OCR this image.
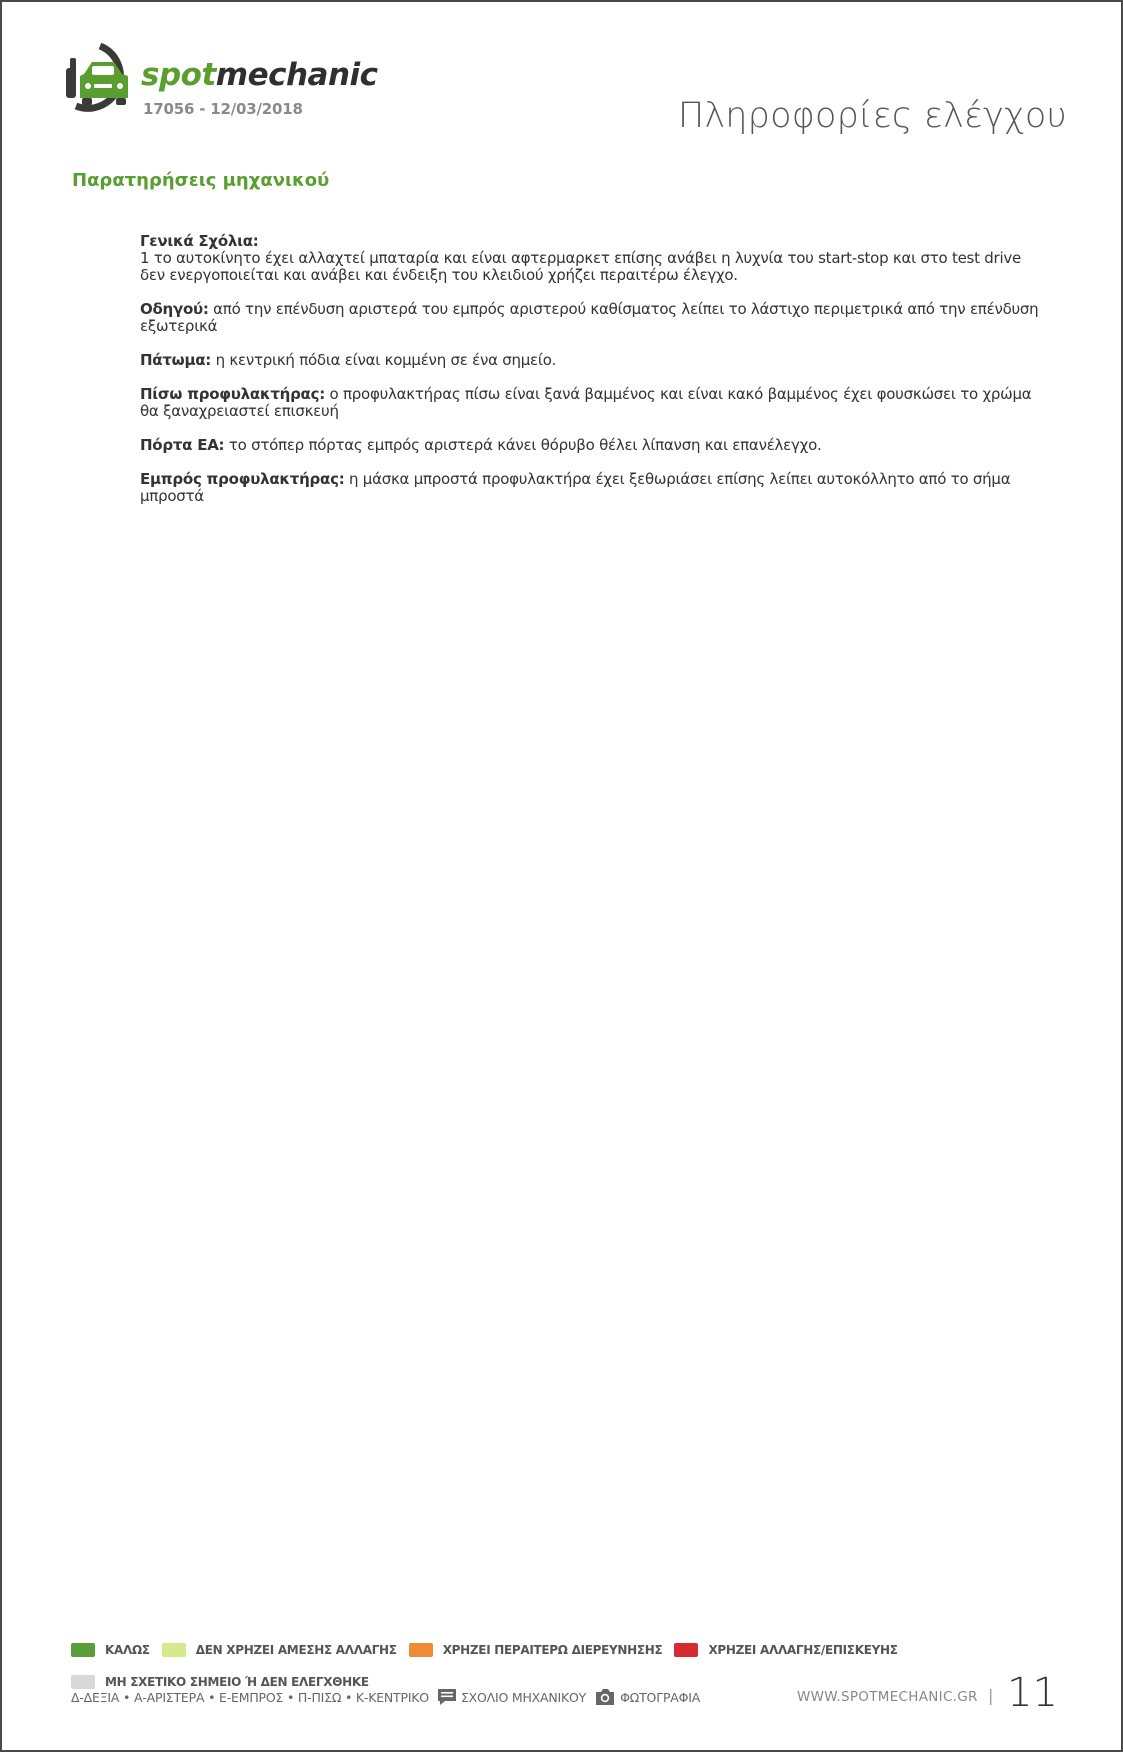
spotmechanic
17056 - 12/03/2018	Πληροφορίες ελέγχου
Παρατηρήσεις μηχανικού
Γενικά Σχόλια:
1 το αυτοκίνητο έχει αλλαχτεί μπαταρία και είναι αφτερμαρκετ επίσης ανάβει η λυχνία του start-stop και στο test drive δεν ενεργοποιείται και ανάβει και ένδειξη του κλειδιού χρήζει περαιτέρω έλεγχο.
Οδηγού: από την επένδυση αριστερά του εμπρός αριστερού καθίσματος λείπει το λάστιχο περιμετρικά από την επένδυση εξωτερικά
Πάτωμα: η κεντρική πόδια είναι κομμένη σε ένα σημείο.
Πίσω προφυλακτήρας: ο προφυλακτήρας πίσω είναι ξανά βαμμένος και είναι κακό βαμμένος έχει φουσκώσει το χρώμα θα ξαναχρειαστεί επισκευή
Πόρτα ΕΑ: το στόπερ πόρτας εμπρός αριστερά κάνει θόρυβο θέλει λίπανση και επανέλεγχο.
Εμπρός προφυλακτήρας: η μάσκα μπροστά προφυλακτήρα έχει ξεθωριάσει επίσης λείπει αυτοκόλλητο από το σήμα μπροστά
ΚΑΛΩΣ	ΔΕΝ ΧΡΗΖΕΙ ΑΜΕΣΗΣ ΑΛΛΑΓΗΣ	ΧΡΗΖΕΙ ΠΕΡΑΙΤΕΡΩ ΔΙΕΡΕΥΝΗΣΗΣ	ΧΡΗΖΕΙ ΑΛΛΑΓΗΣ/ΕΠΙΣΚΕΥΗΣ
ΜΗ ΣΧΕΤΙΚΟ ΣΗΜΕΙΟ Ή ΔΕΝ ΕΛΕΓΧΘΗΚΕ
Δ-ΔΕΞΙΑ • Α-ΑΡΙΣΤΕΡΑ • Ε-ΕΜΠΡΟΣ • Π-ΠΙΣΩ • Κ-ΚΕΝΤΡΙΚΟ	ΣΧΟΛΙΟ ΜΗΧΑΝΙΚΟΥ	ΦΩΤΟΓΡΑΦΙΑ	WWW.SPOTMECHANIC.GR | 11
